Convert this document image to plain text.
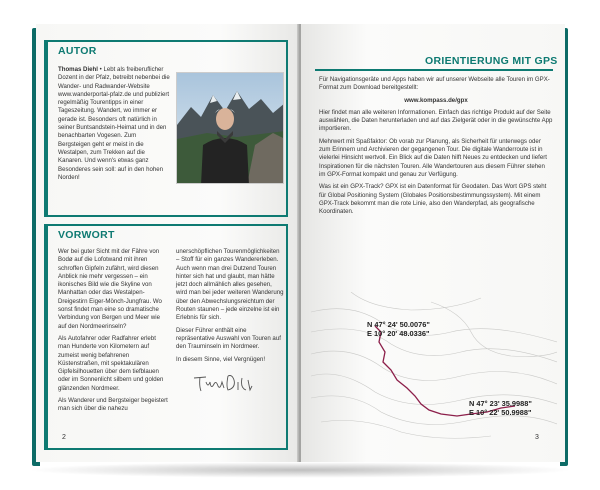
AUTOR
Thomas Diehl • Lebt als freiberuflicher Dozent in der Pfalz, betreibt nebenbei die Wander- und Radwander-Website www.wanderportal-pfalz.de und publiziert regelmäßig Tourentipps in einer Tageszeitung. Wandert, wo immer er gerade ist. Besonders oft natürlich in seiner Buntsandstein-Heimat und in den benachbarten Vogesen. Zum Bergsteigen geht er meist in die Westalpen, zum Trekken auf die Kanaren. Und wenn's etwas ganz Besonderes sein soll: auf in den hohen Norden!
VORWORT

Wer bei guter Sicht mit der Fähre von Bodø auf die Lofotwand mit ihren schroffen Gipfeln zufährt, wird diesen Anblick nie mehr vergessen – ein ikonisches Bild wie die Skyline von Manhattan oder das Westalpen-Dreigestirn Eiger-Mönch-Jungfrau. Wo sonst findet man eine so dramatische Verbindung von Bergen und Meer wie auf den Nordmeerinseln?

Als Autofahrer oder Radfahrer erlebt man Hunderte von Kilometern auf zumeist wenig befahrenen Küstenstraßen, mit spektakulären Gipfelsilhouetten über dem tiefblauen oder im Sonnenlicht silbern und golden glänzenden Nordmeer.

Als Wanderer und Bergsteiger begeistert man sich über die nahezu

unerschöpflichen Tourenmöglichkeiten – Stoff für ein ganzes Wandererleben. Auch wenn man drei Dutzend Touren hinter sich hat und glaubt, man hätte jetzt doch allmählich alles gesehen, wird man bei jeder weiteren Wanderung über den Abwechslungsreichtum der Routen staunen – jede einzelne ist ein Erlebnis für sich.

Dieser Führer enthält eine repräsentative Auswahl von Touren auf den Trauminseln im Nordmeer.

In diesem Sinne, viel Vergnügen!

2
ORIENTIERUNG MIT GPS

Für Navigationsgeräte und Apps haben wir auf unserer Webseite alle Touren im GPX-Format zum Download bereitgestellt:

www.kompass.de/gpx

Hier findet man alle weiteren Informationen. Einfach das richtige Produkt auf der Seite auswählen, die Daten herunterladen und auf das Zielgerät oder in die gewünschte App importieren.

Mehrwert mit Spaßfaktor: Ob vorab zur Planung, als Sicherheit für unterwegs oder zum Erinnern und Archivieren der gegangenen Tour. Die digitale Wanderroute ist in vielerlei Hinsicht wertvoll. Ein Blick auf die Daten hilft Neues zu entdecken und liefert Inspirationen für die nächsten Touren. Alle Wandertouren aus diesem Führer stehen im GPX-Format kompakt und genau zur Verfügung.

Was ist ein GPX-Track? GPX ist ein Datenformat für Geodaten. Das Wort GPS steht für Global Positioning System (Globales Positionsbestimmungssystem). Mit einem GPX-Track bekommt man die rote Linie, also den Wanderpfad, als geografische Koordinaten.

N 47° 24' 50.0076"
E 10° 20' 48.0336"
N 47° 23' 35.9988"
E 10° 22' 50.9988"
3
